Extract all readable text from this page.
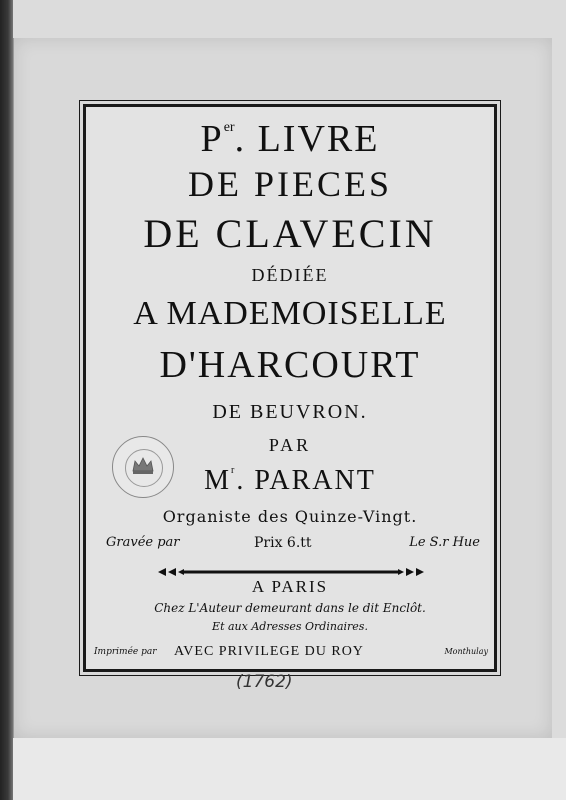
$P^{er}$. LIVRE
DE PIECES
DE CLAVECIN
DÉDIÉE
A MADEMOISELLE
D'HARCOURT
DE BEUVRON.
PAR
$M^r$. PARANT
Organiste des Quinze-Vingt.
Gravée par	Prix 6.tt	Le S.r Hue
A PARIS
Chez L'Auteur demeurant dans le dit Enclôt.
Et aux Adresses Ordinaires.
Imprimée par AVEC PRIVILEGE DU ROY	Monthulay
(1762)
